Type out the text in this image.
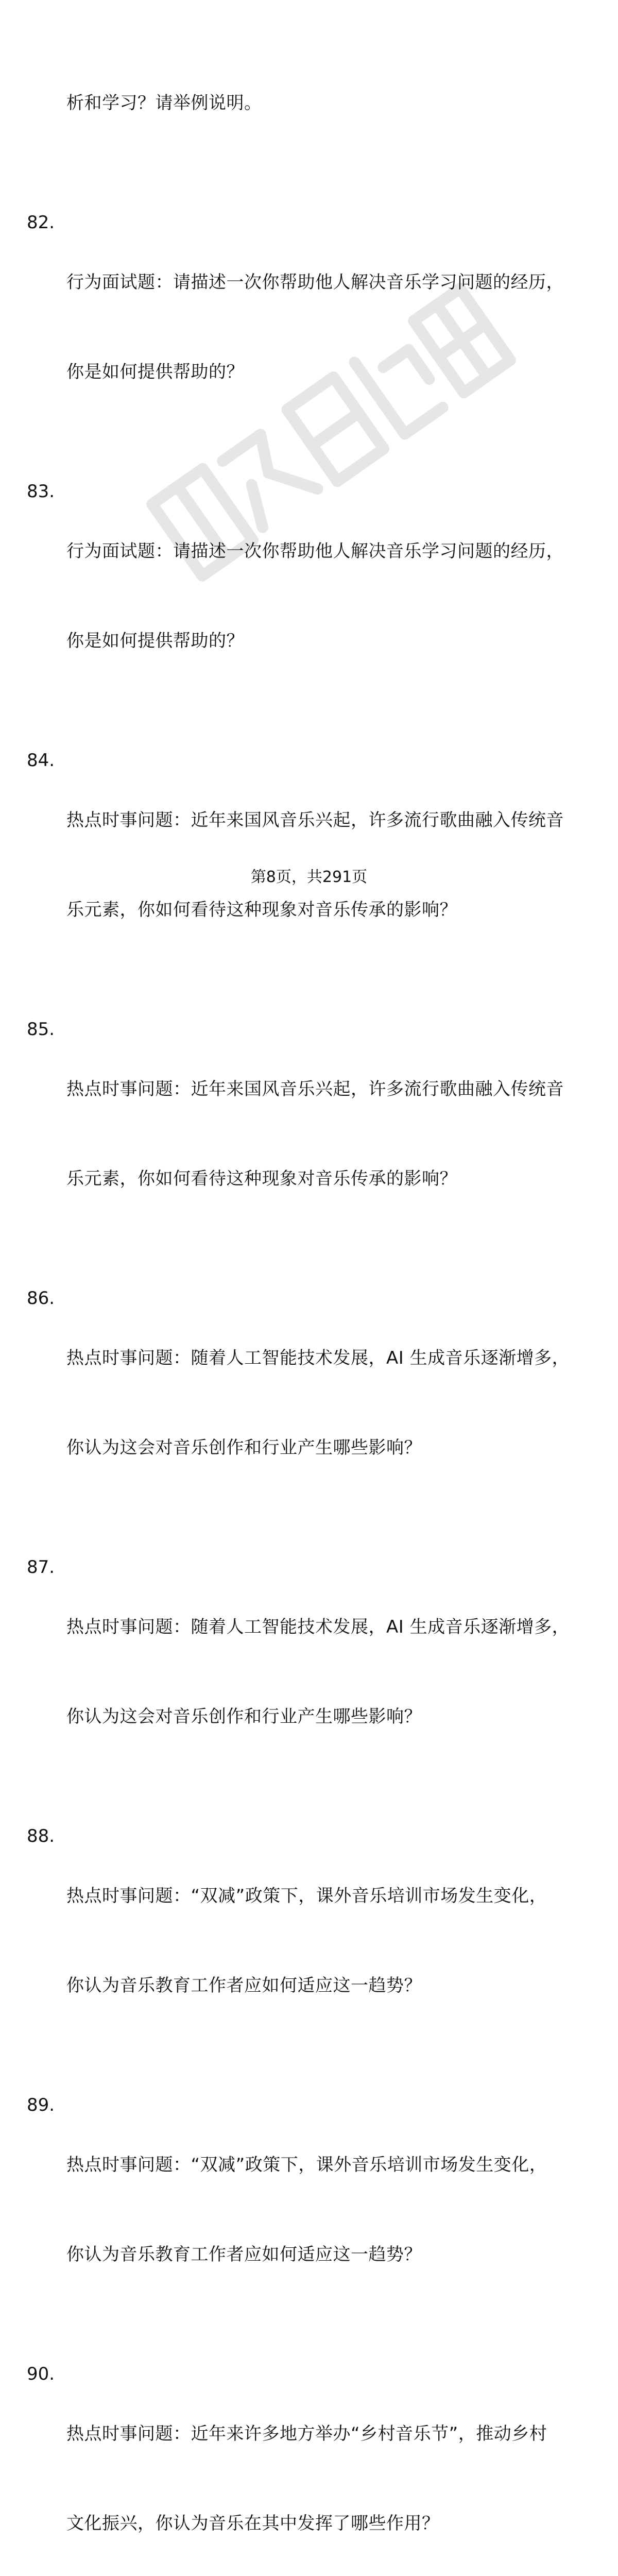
析和学习？请举例说明。

82.

行为面试题：请描述一次你帮助他人解决音乐学习问题的经历，

你是如何提供帮助的？

83.

行为面试题：请描述一次你帮助他人解决音乐学习问题的经历，

你是如何提供帮助的？

84.

热点时事问题：近年来国风音乐兴起，许多流行歌曲融入传统音

乐元素，你如何看待这种现象对音乐传承的影响？

85.

热点时事问题：近年来国风音乐兴起，许多流行歌曲融入传统音

乐元素，你如何看待这种现象对音乐传承的影响？

86.

热点时事问题：随着人工智能技术发展，AI 生成音乐逐渐增多，

你认为这会对音乐创作和行业产生哪些影响？

87.

热点时事问题：随着人工智能技术发展，AI 生成音乐逐渐增多，

你认为这会对音乐创作和行业产生哪些影响？

88.

热点时事问题：“双减”政策下，课外音乐培训市场发生变化，

你认为音乐教育工作者应如何适应这一趋势？

89.

热点时事问题：“双减”政策下，课外音乐培训市场发生变化，

你认为音乐教育工作者应如何适应这一趋势？

90.

热点时事问题：近年来许多地方举办“乡村音乐节”，推动乡村

文化振兴，你认为音乐在其中发挥了哪些作用？

第8页，共291页
